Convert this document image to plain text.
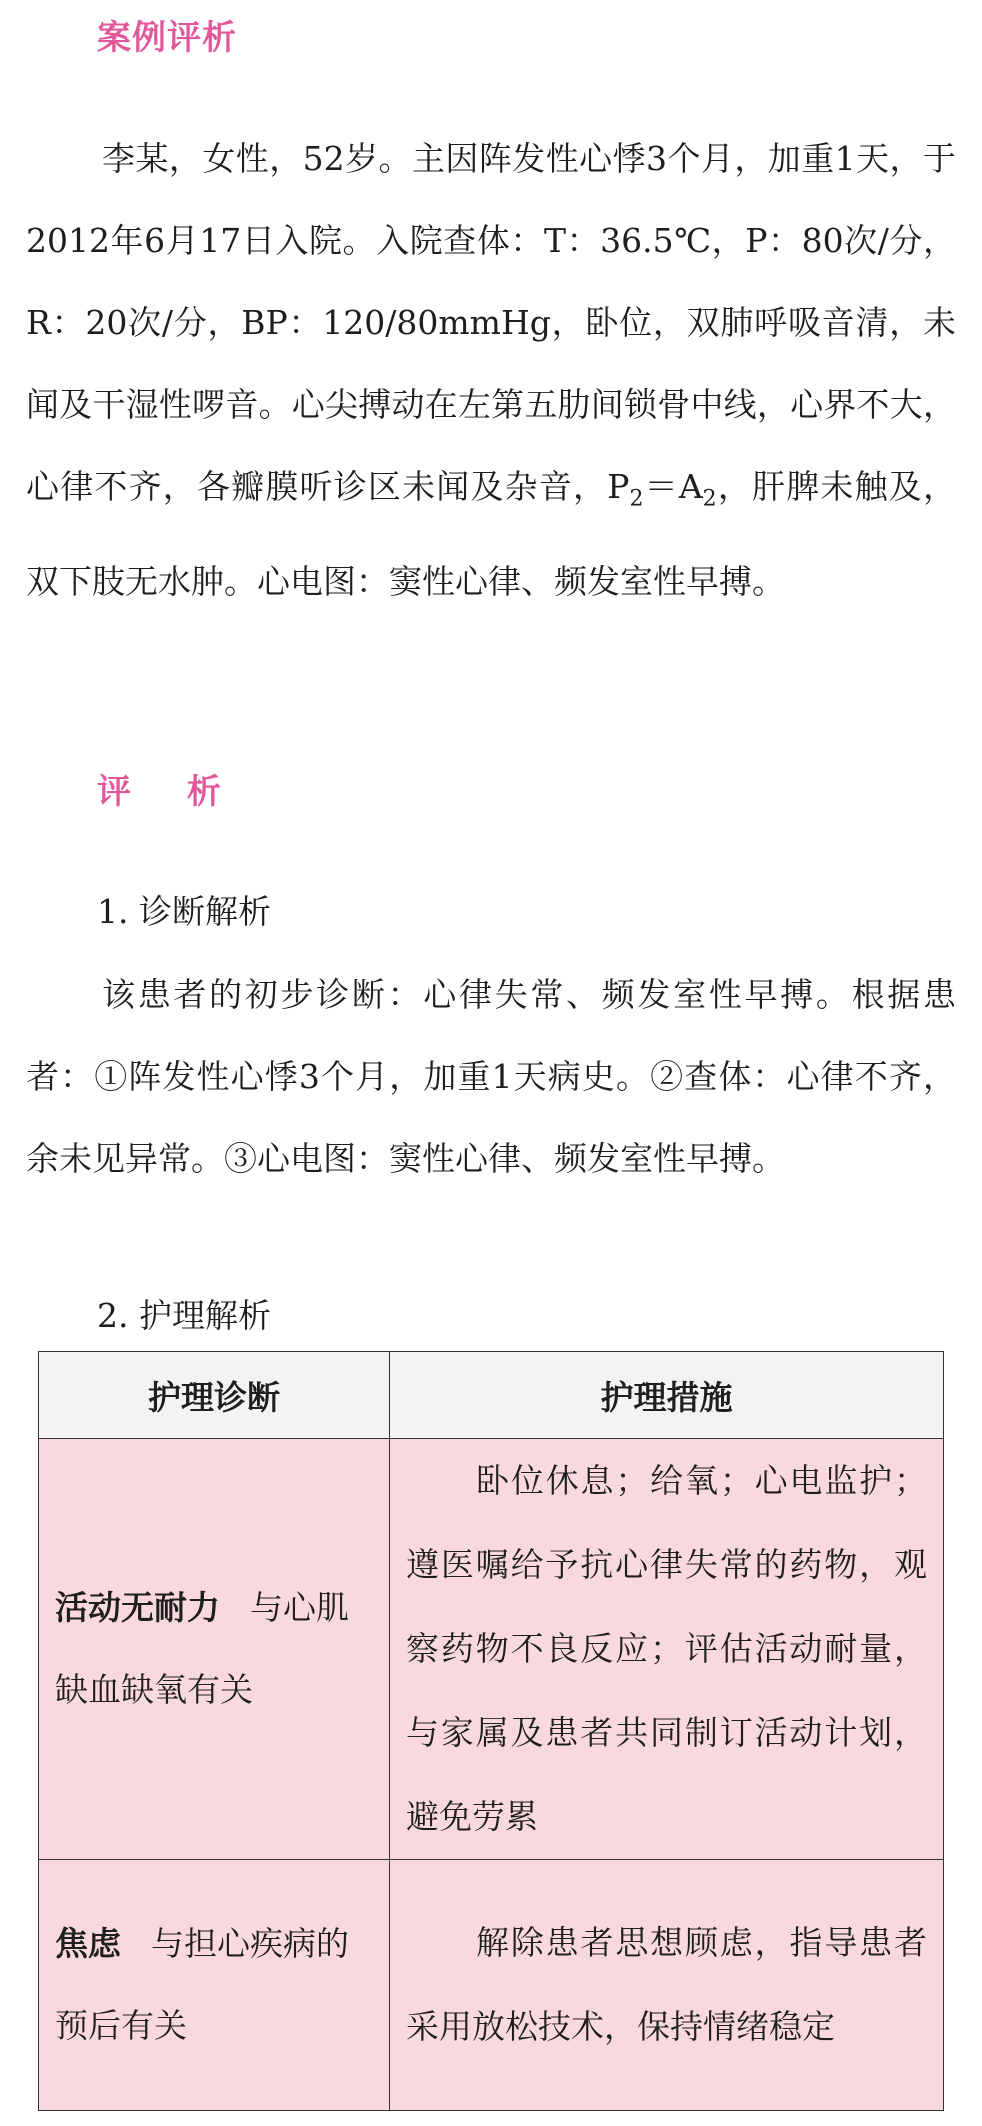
案例评析

李某，女性，52岁。主因阵发性心悸3个月，加重1天，于2012年6月17日入院。入院查体：T：36.5℃，P：80次/分，R：20次/分，BP：120/80mmHg，卧位，双肺呼吸音清，未闻及干湿性啰音。心尖搏动在左第五肋间锁骨中线，心界不大，心律不齐，各瓣膜听诊区未闻及杂音，$P_2=A_2$，肝脾未触及，双下肢无水肿。心电图：窦性心律、频发室性早搏。

评 析

1. 诊断解析

该患者的初步诊断：心律失常、频发室性早搏。根据患者：①阵发性心悸3个月，加重1天病史。②查体：心律不齐，余未见异常。③心电图：窦性心律、频发室性早搏。

2. 护理解析

护理诊断	护理措施
活动无耐力 与心肌缺血缺氧有关	卧位休息；给氧；心电监护；遵医嘱给予抗心律失常的药物，观察药物不良反应；评估活动耐量，与家属及患者共同制订活动计划，避免劳累
焦虑 与担心疾病的预后有关	解除患者思想顾虑，指导患者采用放松技术，保持情绪稳定
